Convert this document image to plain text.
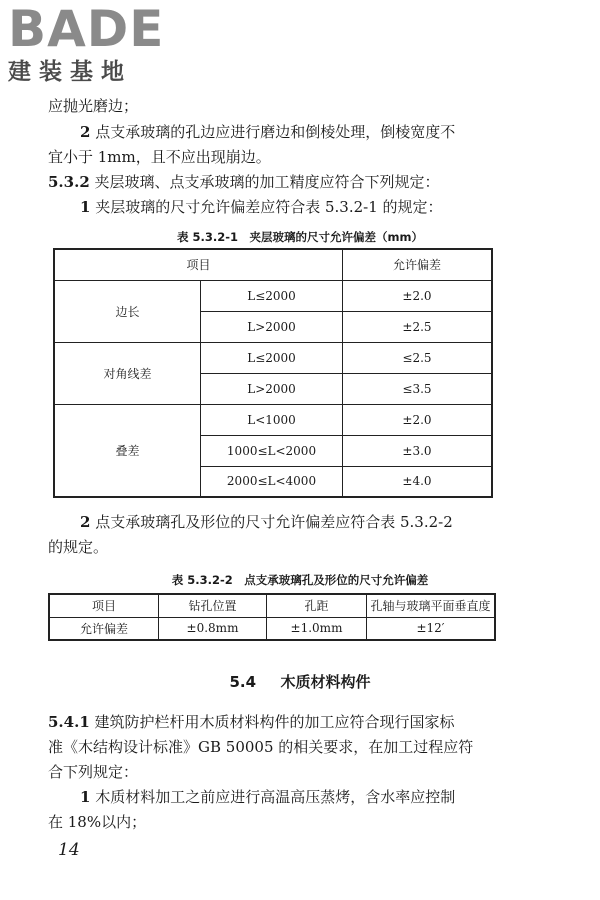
BADE
建装基地
应抛光磨边；
2 点支承玻璃的孔边应进行磨边和倒棱处理，倒棱宽度不
宜小于 1mm，且不应出现崩边。
5.3.2 夹层玻璃、点支承玻璃的加工精度应符合下列规定：
1 夹层玻璃的尺寸允许偏差应符合表 5.3.2-1 的规定：
表 5.3.2-1　夹层玻璃的尺寸允许偏差（mm）
项目		允许偏差
边长	L≤2000	±2.0
	L>2000	±2.5
对角线差	L≤2000	≤2.5
	L>2000	≤3.5
叠差	L<1000	±2.0
	1000≤L<2000	±3.0
	2000≤L<4000	±4.0
2 点支承玻璃孔及形位的尺寸允许偏差应符合表 5.3.2-2
的规定。
表 5.3.2-2　点支承玻璃孔及形位的尺寸允许偏差
项目	钻孔位置	孔距	孔轴与玻璃平面垂直度
允许偏差	±0.8mm	±1.0mm	±12′
5.4 木质材料构件
5.4.1 建筑防护栏杆用木质材料构件的加工应符合现行国家标
准《木结构设计标准》GB 50005 的相关要求，在加工过程应符
合下列规定：
1 木质材料加工之前应进行高温高压蒸烤，含水率应控制
在 18%以内；
14
